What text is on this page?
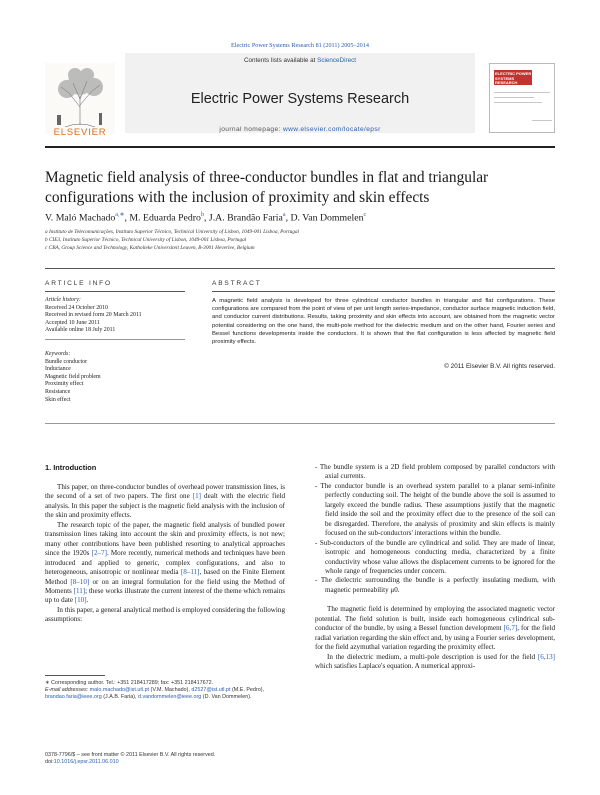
Electric Power Systems Research 81 (2011) 2005–2014
ELSEVIER
Contents lists available at ScienceDirect
Electric Power Systems Research
journal homepage: www.elsevier.com/locate/epsr
ELECTRIC POWER SYSTEMS RESEARCH
Magnetic field analysis of three-conductor bundles in flat and triangular configurations with the inclusion of proximity and skin effects
V. Maló Machado$^{a,∗}$, M. Eduarda Pedro$^b$, J.A. Brandão Faria$^a$, D. Van Dommelen$^c$
a Instituto de Telecomunicações, Instituto Superior Técnico, Technical University of Lisbon, 1049-001 Lisboa, Portugal
b CIE3, Instituto Superior Técnico, Technical University of Lisbon, 1049-001 Lisboa, Portugal
c CBA, Group Science and Technology, Katholieke Universiteit Leuven, B-3001 Heverlee, Belgium
ARTICLE INFO
Article history:
Received 24 October 2010
Received in revised form 20 March 2011
Accepted 10 June 2011
Available online 18 July 2011
Keywords:
Bundle conductor
Inductance
Magnetic field problem
Proximity effect
Resistance
Skin effect
ABSTRACT
A magnetic field analysis is developed for three cylindrical conductor bundles in triangular and flat configurations. These configurations are compared from the point of view of per unit length series-impedance, conductor surface magnetic induction field, and conductor current distributions. Results, taking proximity and skin effects into account, are obtained from the magnetic vector potential considering on the one hand, the multi-pole method for the dielectric medium and on the other hand, Fourier series and Bessel functions developments inside the conductors. It is shown that the flat configuration is less affected by magnetic field proximity effects.
© 2011 Elsevier B.V. All rights reserved.
1. Introduction

This paper, on three-conductor bundles of overhead power transmission lines, is the second of a set of two papers. The first one [1] dealt with the electric field analysis. In this paper the subject is the magnetic field analysis with the inclusion of the skin and proximity effects.

The research topic of the paper, the magnetic field analysis of bundled power transmission lines taking into account the skin and proximity effects, is not new; many other contributions have been published resorting to analytical approaches since the 1920s [2–7]. More recently, numerical methods and techniques have been introduced and applied to generic, complex configurations, and also to heterogeneous, anisotropic or nonlinear media [8–11], based on the Finite Element Method [8–10] or on an integral formulation for the field using the Method of Moments [11]; these works illustrate the current interest of the theme which remains up to date [10].

In this paper, a general analytical method is employed considering the following assumptions:

- The bundle system is a 2D field problem composed by parallel conductors with axial currents.
- The conductor bundle is an overhead system parallel to a planar semi-infinite perfectly conducting soil. The height of the bundle above the soil is assumed to largely exceed the bundle radius. These assumptions justify that the magnetic field inside the soil and the proximity effect due to the presence of the soil can be disregarded. Therefore, the analysis of proximity and skin effects is mainly focused on the sub-conductors' interactions within the bundle.
- Sub-conductors of the bundle are cylindrical and solid. They are made of linear, isotropic and homogeneous conducting media, characterized by a finite conductivity whose value allows the displacement currents to be ignored for the whole range of frequencies under concern.
- The dielectric surrounding the bundle is a perfectly insulating medium, with magnetic permeability μ0.

The magnetic field is determined by employing the associated magnetic vector potential. The field solution is built, inside each homogeneous cylindrical sub-conductor of the bundle, by using a Bessel function development [6,7], for the field radial variation regarding the skin effect and, by using a Fourier series development, for the field azymuthal variation regarding the proximity effect.

In the dielectric medium, a multi-pole description is used for the field [6,13] which satisfies Laplace's equation. A numerical approxi-

∗ Corresponding author. Tel.: +351 218417289; fax: +351 218417672.
E-mail addresses: malo.machado@ist.utl.pt (V.M. Machado), d2527@ist.utl.pt (M.E. Pedro), brandao.faria@ieee.org (J.A.B. Faria), d.vandommelen@ieee.org (D. Van Dommelen).
0378-7796/$ – see front matter © 2011 Elsevier B.V. All rights reserved.
doi:10.1016/j.epsr.2011.06.010
